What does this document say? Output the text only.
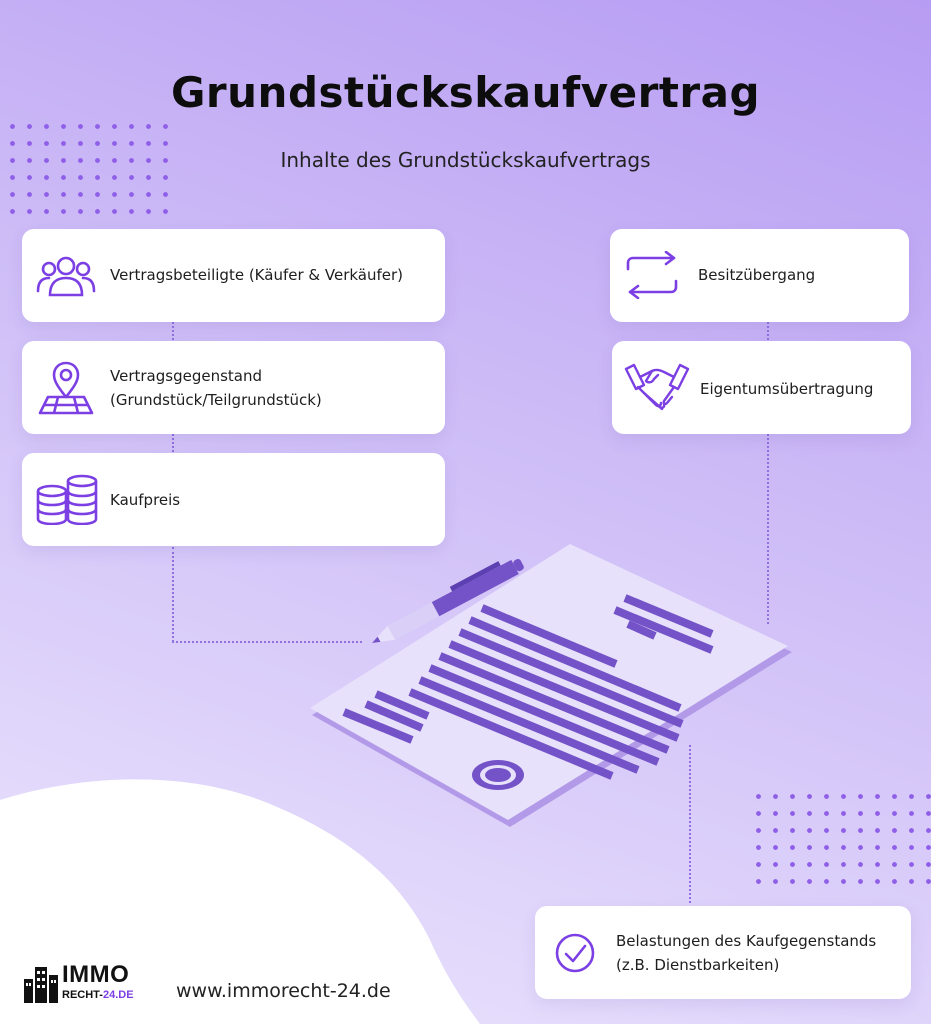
Grundstückskaufvertrag
Inhalte des Grundstückskaufvertrags
Vertragsbeteiligte (Käufer & Verkäufer)
Vertragsgegenstand
(Grundstück/Teilgrundstück)
Kaufpreis
Besitzübergang
Eigentumsübertragung
Belastungen des Kaufgegenstands
(z.B. Dienstbarkeiten)
IMMO
RECHT-24.DE www.immorecht-24.de
